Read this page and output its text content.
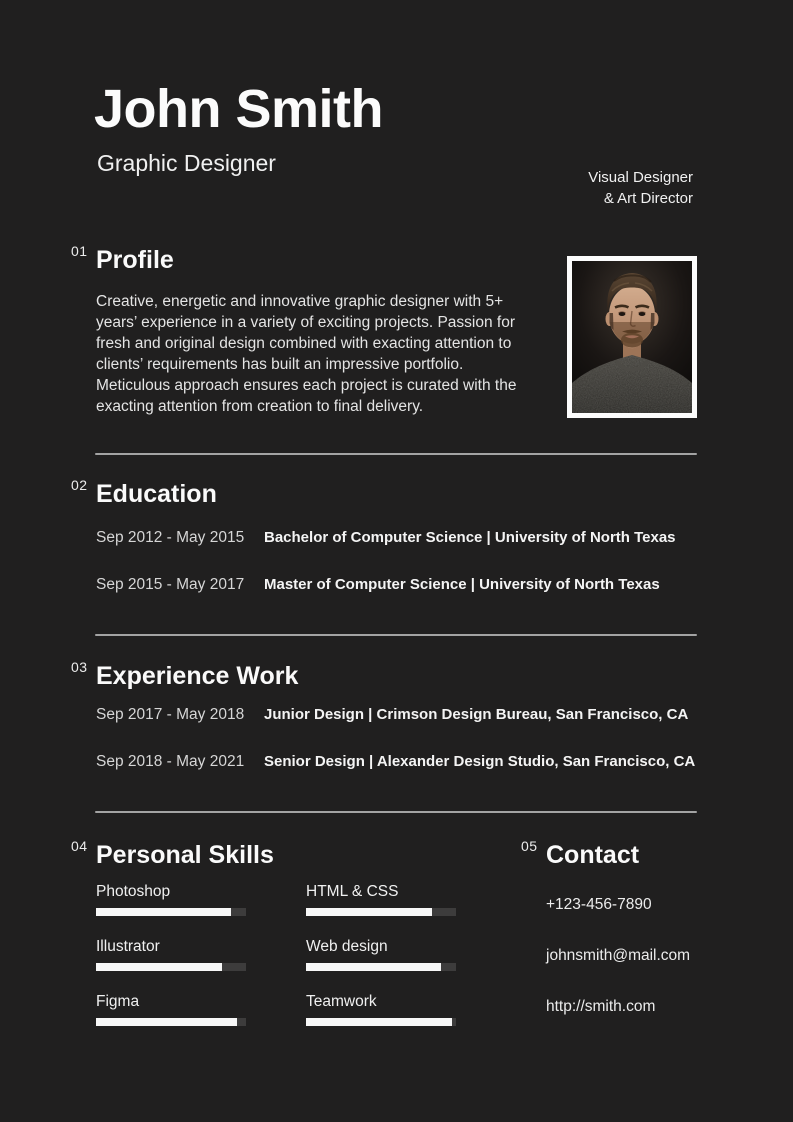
John Smith
Graphic Designer
Visual Designer
& Art Director
01 Profile
Creative, energetic and innovative graphic designer with 5+
years’ experience in a variety of exciting projects. Passion for
fresh and original design combined with exacting attention to
clients’ requirements has built an impressive portfolio.
Meticulous approach ensures each project is curated with the
exacting attention from creation to final delivery.
02 Education
Sep 2012 - May 2015	Bachelor of Computer Science | University of North Texas
Sep 2015 - May 2017	Master of Computer Science | University of North Texas
03 Experience Work
Sep 2017 - May 2018	Junior Design | Crimson Design Bureau, San Francisco, CA
Sep 2018 - May 2021	Senior Design | Alexander Design Studio, San Francisco, CA
04 Personal Skills
Photoshop
Illustrator
Figma
HTML & CSS
Web design
Teamwork
05 Contact
+123-456-7890
johnsmith@mail.com
http://smith.com
